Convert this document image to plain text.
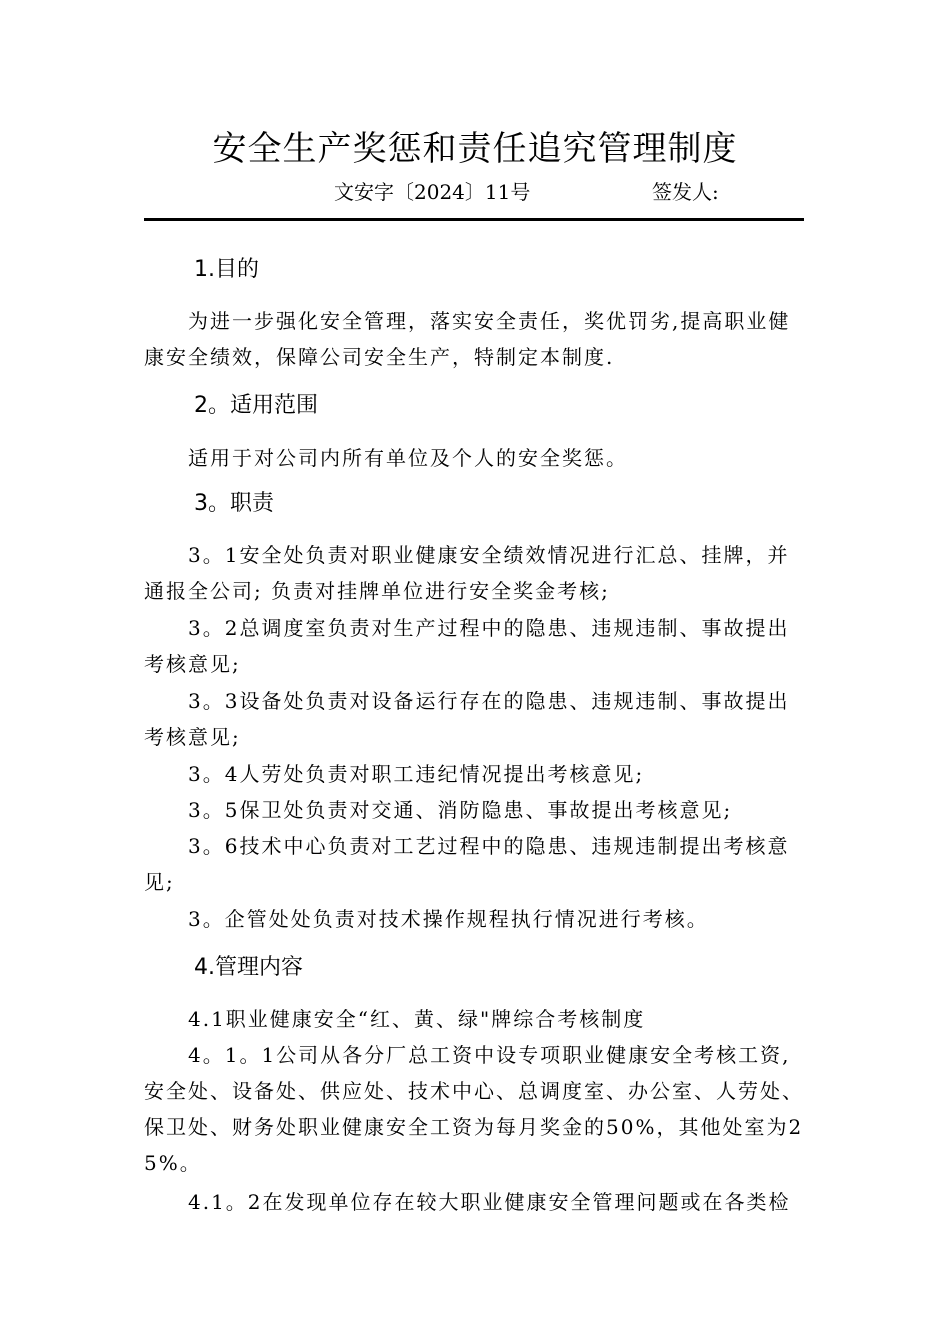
安全生产奖惩和责任追究管理制度
文安字〔2024〕11号	签发人:
1.目的
为进一步强化安全管理，落实安全责任，奖优罚劣,提高职业健康安全绩效，保障公司安全生产，特制定本制度.
2。适用范围
适用于对公司内所有单位及个人的安全奖惩。
3。职责
3。1安全处负责对职业健康安全绩效情况进行汇总、挂牌，并通报全公司; 负责对挂牌单位进行安全奖金考核;
3。2总调度室负责对生产过程中的隐患、违规违制、事故提出考核意见;
3。3设备处负责对设备运行存在的隐患、违规违制、事故提出考核意见;
3。4人劳处负责对职工违纪情况提出考核意见;
3。5保卫处负责对交通、消防隐患、事故提出考核意见;
3。6技术中心负责对工艺过程中的隐患、违规违制提出考核意见;
3。企管处处负责对技术操作规程执行情况进行考核。
4.管理内容
4.1职业健康安全“红、黄、绿"牌综合考核制度
4。1。1公司从各分厂总工资中设专项职业健康安全考核工资, 安全处、设备处、供应处、技术中心、总调度室、办公室、人劳处、保卫处、财务处职业健康安全工资为每月奖金的50%，其他处室为25%。
4.1。2在发现单位存在较大职业健康安全管理问题或在各类检
